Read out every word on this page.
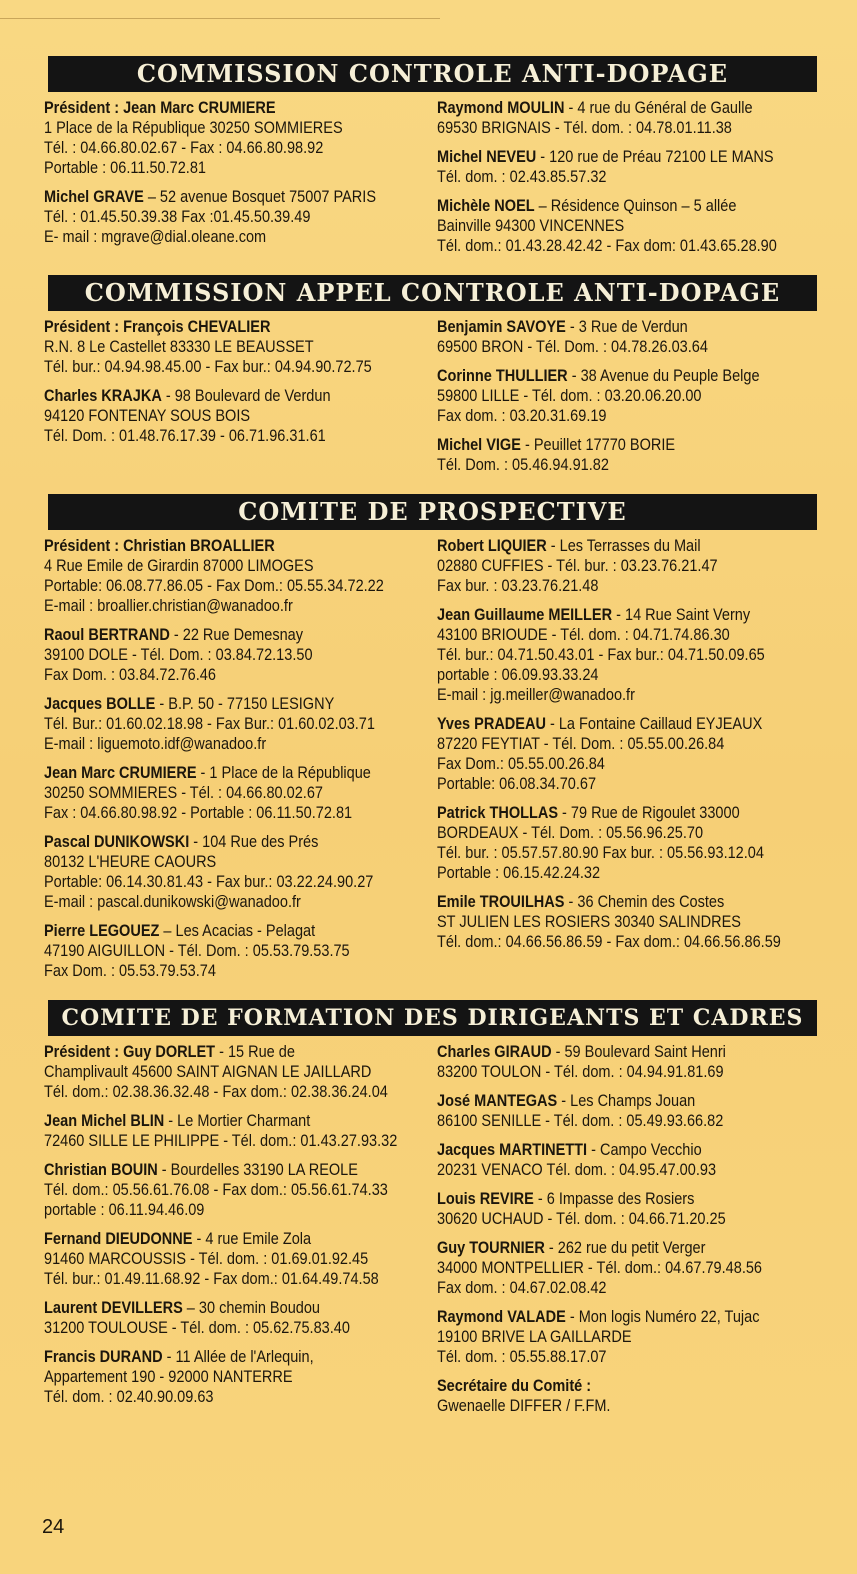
COMMISSION CONTROLE ANTI-DOPAGE
Président : Jean Marc CRUMIERE
1 Place de la République 30250 SOMMIERES
Tél. : 04.66.80.02.67 - Fax : 04.66.80.98.92
Portable : 06.11.50.72.81
Michel GRAVE – 52 avenue Bosquet 75007 PARIS
Tél. : 01.45.50.39.38 Fax :01.45.50.39.49
E- mail : mgrave@dial.oleane.com
Raymond MOULIN - 4 rue du Général de Gaulle
69530 BRIGNAIS - Tél. dom. : 04.78.01.11.38
Michel NEVEU - 120 rue de Préau 72100 LE MANS
Tél. dom. : 02.43.85.57.32
Michèle NOEL – Résidence Quinson – 5 allée
Bainville 94300 VINCENNES
Tél. dom.: 01.43.28.42.42 - Fax dom: 01.43.65.28.90
COMMISSION APPEL CONTROLE ANTI-DOPAGE
Président : François CHEVALIER
R.N. 8 Le Castellet 83330 LE BEAUSSET
Tél. bur.: 04.94.98.45.00 - Fax bur.: 04.94.90.72.75
Charles KRAJKA - 98 Boulevard de Verdun
94120 FONTENAY SOUS BOIS
Tél. Dom. : 01.48.76.17.39 - 06.71.96.31.61
Benjamin SAVOYE - 3 Rue de Verdun
69500 BRON - Tél. Dom. : 04.78.26.03.64
Corinne THULLIER - 38 Avenue du Peuple Belge
59800 LILLE - Tél. dom. : 03.20.06.20.00
Fax dom. : 03.20.31.69.19
Michel VIGE - Peuillet 17770 BORIE
Tél. Dom. : 05.46.94.91.82
COMITE DE PROSPECTIVE
Président : Christian BROALLIER
4 Rue Emile de Girardin 87000 LIMOGES
Portable: 06.08.77.86.05 - Fax Dom.: 05.55.34.72.22
E-mail : broallier.christian@wanadoo.fr
Raoul BERTRAND - 22 Rue Demesnay
39100 DOLE - Tél. Dom. : 03.84.72.13.50
Fax Dom. : 03.84.72.76.46
Jacques BOLLE - B.P. 50 - 77150 LESIGNY
Tél. Bur.: 01.60.02.18.98 - Fax Bur.: 01.60.02.03.71
E-mail : liguemoto.idf@wanadoo.fr
Jean Marc CRUMIERE - 1 Place de la République
30250 SOMMIERES - Tél. : 04.66.80.02.67
Fax : 04.66.80.98.92 - Portable : 06.11.50.72.81
Pascal DUNIKOWSKI - 104 Rue des Prés
80132 L'HEURE CAOURS
Portable: 06.14.30.81.43 - Fax bur.: 03.22.24.90.27
E-mail : pascal.dunikowski@wanadoo.fr
Pierre LEGOUEZ – Les Acacias - Pelagat
47190 AIGUILLON - Tél. Dom. : 05.53.79.53.75
Fax Dom. : 05.53.79.53.74
Robert LIQUIER - Les Terrasses du Mail
02880 CUFFIES - Tél. bur. : 03.23.76.21.47
Fax bur. : 03.23.76.21.48
Jean Guillaume MEILLER - 14 Rue Saint Verny
43100 BRIOUDE - Tél. dom. : 04.71.74.86.30
Tél. bur.: 04.71.50.43.01 - Fax bur.: 04.71.50.09.65
portable : 06.09.93.33.24
E-mail : jg.meiller@wanadoo.fr
Yves PRADEAU - La Fontaine Caillaud EYJEAUX
87220 FEYTIAT - Tél. Dom. : 05.55.00.26.84
Fax Dom.: 05.55.00.26.84
Portable: 06.08.34.70.67
Patrick THOLLAS - 79 Rue de Rigoulet 33000
BORDEAUX - Tél. Dom. : 05.56.96.25.70
Tél. bur. : 05.57.57.80.90 Fax bur. : 05.56.93.12.04
Portable : 06.15.42.24.32
Emile TROUILHAS - 36 Chemin des Costes
ST JULIEN LES ROSIERS 30340 SALINDRES
Tél. dom.: 04.66.56.86.59 - Fax dom.: 04.66.56.86.59
COMITE DE FORMATION DES DIRIGEANTS ET CADRES
Président : Guy DORLET - 15 Rue de
Champlivault 45600 SAINT AIGNAN LE JAILLARD
Tél. dom.: 02.38.36.32.48 - Fax dom.: 02.38.36.24.04
Jean Michel BLIN - Le Mortier Charmant
72460 SILLE LE PHILIPPE - Tél. dom.: 01.43.27.93.32
Christian BOUIN - Bourdelles 33190 LA REOLE
Tél. dom.: 05.56.61.76.08 - Fax dom.: 05.56.61.74.33
portable : 06.11.94.46.09
Fernand DIEUDONNE - 4 rue Emile Zola
91460 MARCOUSSIS - Tél. dom. : 01.69.01.92.45
Tél. bur.: 01.49.11.68.92 - Fax dom.: 01.64.49.74.58
Laurent DEVILLERS – 30 chemin Boudou
31200 TOULOUSE - Tél. dom. : 05.62.75.83.40
Francis DURAND - 11 Allée de l'Arlequin,
Appartement 190 - 92000 NANTERRE
Tél. dom. : 02.40.90.09.63
Charles GIRAUD - 59 Boulevard Saint Henri
83200 TOULON - Tél. dom. : 04.94.91.81.69
José MANTEGAS - Les Champs Jouan
86100 SENILLE - Tél. dom. : 05.49.93.66.82
Jacques MARTINETTI - Campo Vecchio
20231 VENACO Tél. dom. : 04.95.47.00.93
Louis REVIRE - 6 Impasse des Rosiers
30620 UCHAUD - Tél. dom. : 04.66.71.20.25
Guy TOURNIER - 262 rue du petit Verger
34000 MONTPELLIER - Tél. dom.: 04.67.79.48.56
Fax dom. : 04.67.02.08.42
Raymond VALADE - Mon logis Numéro 22, Tujac
19100 BRIVE LA GAILLARDE
Tél. dom. : 05.55.88.17.07
Secrétaire du Comité :
Gwenaelle DIFFER / F.FM.
24
